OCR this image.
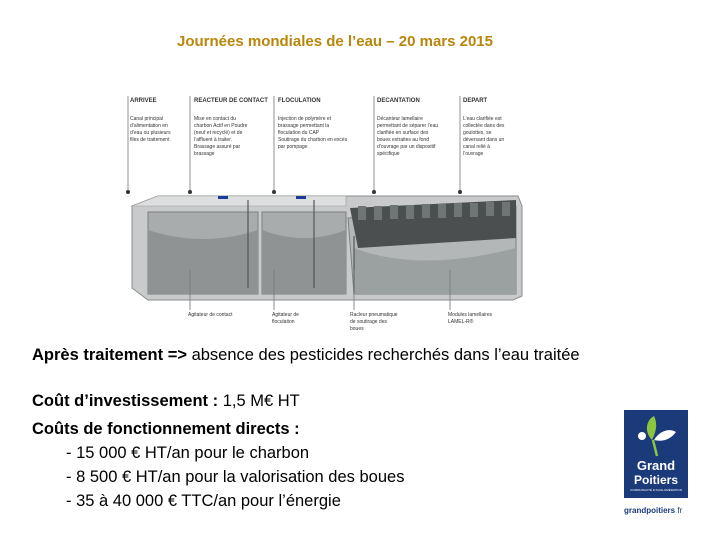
Journées mondiales de l’eau – 20 mars 2015
ARRIVEE
Canal principal
d’alimentation en
d’eau ou plusieurs
files de traitement
REACTEUR DE CONTACT
Mise en contact du
charbon Actif en Poudre
(neuf et recyclé) et de
l’affluent à traiter.
Brassage assuré par
brassage
FLOCULATION
Injection de polymère et
brassage permettant la
floculation du CAP
Soutirage du charbon en excès
par pompage
DECANTATION
Décanteur lamellaire
permettant de séparer l’eau
clarifiée en surface des
boues extraites au fond
d’ouvrage par un dispositif
spécifique
DEPART
L’eau clarifiée est
collectée dans des
goulottes, se
déversant dans un
canal relié à
l’ouvrage
Agitateur de contact	Agitateur de
floculation
Racleur pneumatique
de soutirage des
boues
Modules lamellaires
LAMEL-R®
Après traitement => absence des pesticides recherchés dans l’eau traitée
Coût d’investissement : 1,5 M€ HT
Coûts de fonctionnement directs :
- 15 000 € HT/an pour le charbon
- 8 500 € HT/an pour la valorisation des boues
- 35 à 40 000 € TTC/an pour l’énergie
Grand
Poitiers
COMMUNAUTÉ D’AGGLOMÉRATION
grandpoitiers.fr
